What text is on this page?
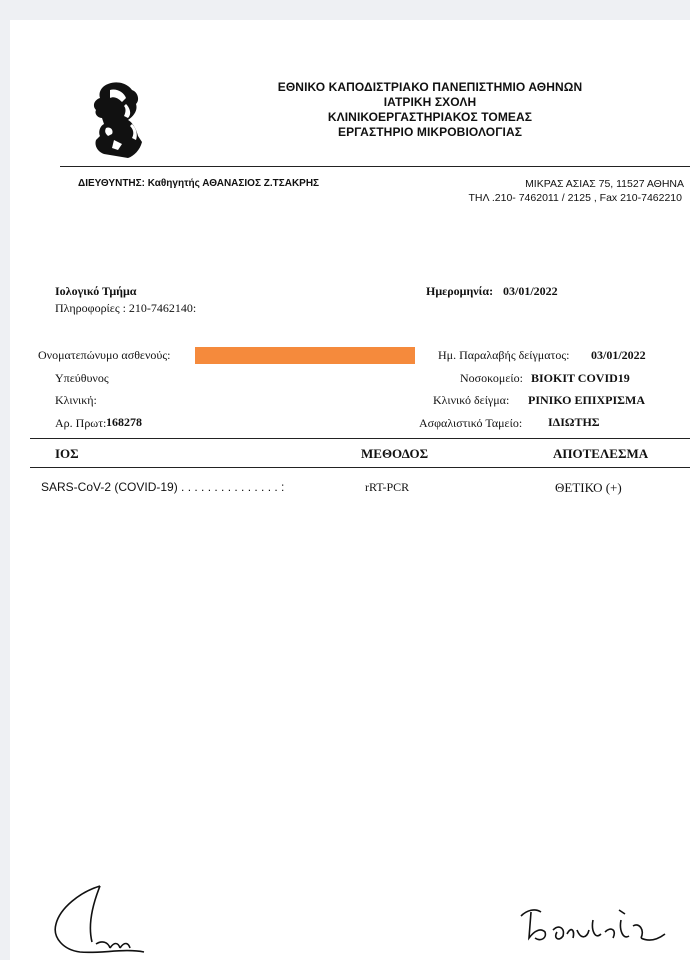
ΕΘΝΙΚΟ ΚΑΠΟΔΙΣΤΡΙΑΚΟ ΠΑΝΕΠΙΣΤΗΜΙΟ ΑΘΗΝΩΝ
ΙΑΤΡΙΚΗ ΣΧΟΛΗ
ΚΛΙΝΙΚΟΕΡΓΑΣΤΗΡΙΑΚΟΣ ΤΟΜΕΑΣ
ΕΡΓΑΣΤΗΡΙΟ ΜΙΚΡΟΒΙΟΛΟΓΙΑΣ
ΔΙΕΥΘΥΝΤΗΣ: Καθηγητής ΑΘΑΝΑΣΙΟΣ Ζ.ΤΣΑΚΡΗΣ	ΜΙΚΡΑΣ ΑΣΙΑΣ 75, 11527 ΑΘΗΝΑ
ΤΗΛ .210- 7462011 / 2125 , Fax 210-7462210
Ιολογικό Τμήμα
Πληροφορίες : 210-7462140:
Ημερομηνία: 03/01/2022
Ονοματεπώνυμο ασθενούς:
Υπεύθυνος
Κλινική:
Αρ. Πρωτ: 168278
Ημ. Παραλαβής δείγματος: 03/01/2022
Νοσοκομείο: ΒΙΟΚΙΤ COVID19
Κλινικό δείγμα: ΡΙΝΙΚΟ ΕΠΙΧΡΙΣΜΑ
Ασφαλιστικό Ταμείο: ΙΔΙΩΤΗΣ
ΙΟΣ	ΜΕΘΟΔΟΣ	ΑΠΟΤΕΛΕΣΜΑ
SARS-CoV-2 (COVID-19) . . . . . . . . . . . . . . . :	rRT-PCR	ΘΕΤΙΚΟ (+)
